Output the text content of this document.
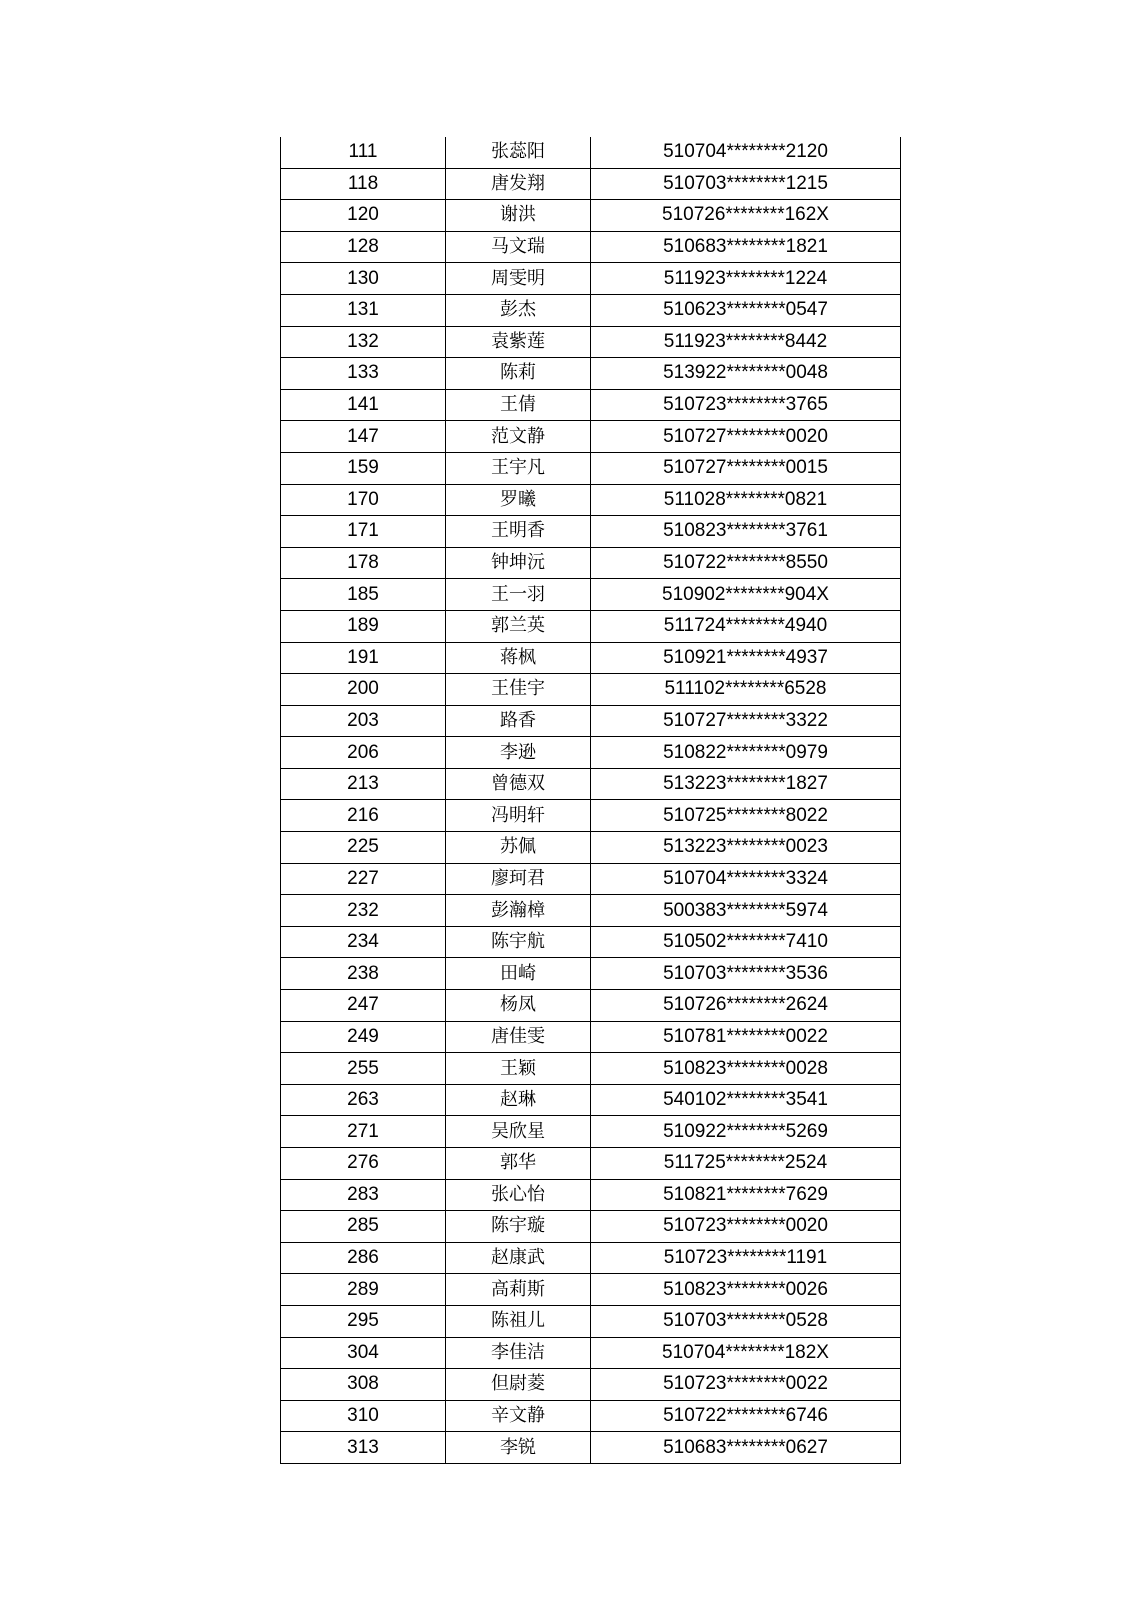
111	张蕊阳	510704********2120
118	唐发翔	510703********1215
120	谢洪	510726********162X
128	马文瑞	510683********1821
130	周雯明	511923********1224
131	彭杰	510623********0547
132	袁紫莲	511923********8442
133	陈莉	513922********0048
141	王倩	510723********3765
147	范文静	510727********0020
159	王宇凡	510727********0015
170	罗曦	511028********0821
171	王明香	510823********3761
178	钟坤沅	510722********8550
185	王一羽	510902********904X
189	郭兰英	511724********4940
191	蒋枫	510921********4937
200	王佳宇	511102********6528
203	路香	510727********3322
206	李逊	510822********0979
213	曾德双	513223********1827
216	冯明轩	510725********8022
225	苏佩	513223********0023
227	廖珂君	510704********3324
232	彭瀚樟	500383********5974
234	陈宇航	510502********7410
238	田崎	510703********3536
247	杨凤	510726********2624
249	唐佳雯	510781********0022
255	王颖	510823********0028
263	赵琳	540102********3541
271	吴欣星	510922********5269
276	郭华	511725********2524
283	张心怡	510821********7629
285	陈宇璇	510723********0020
286	赵康武	510723********1191
289	高莉斯	510823********0026
295	陈祖儿	510703********0528
304	李佳洁	510704********182X
308	但尉菱	510723********0022
310	辛文静	510722********6746
313	李锐	510683********0627
